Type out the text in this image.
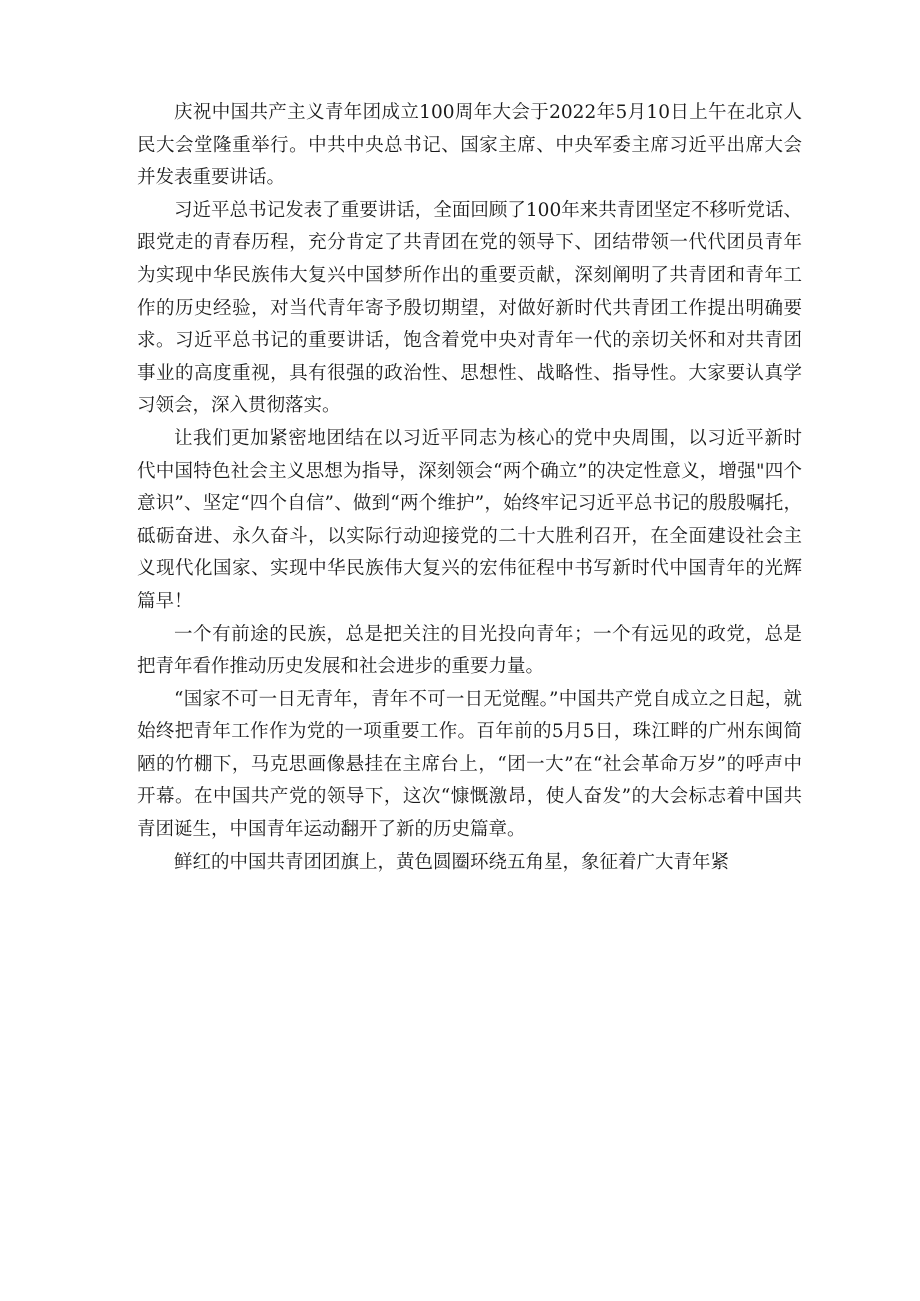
庆祝中国共产主义青年团成立100周年大会于2022年5月10日上午在北京人民大会堂隆重举行。中共中央总书记、国家主席、中央军委主席习近平出席大会并发表重要讲话。

习近平总书记发表了重要讲话，全面回顾了100年来共青团坚定不移听党话、跟党走的青春历程，充分肯定了共青团在党的领导下、团结带领一代代团员青年为实现中华民族伟大复兴中国梦所作出的重要贡献，深刻阐明了共青团和青年工作的历史经验，对当代青年寄予殷切期望，对做好新时代共青团工作提出明确要求。习近平总书记的重要讲话，饱含着党中央对青年一代的亲切关怀和对共青团事业的高度重视，具有很强的政治性、思想性、战略性、指导性。大家要认真学习领会，深入贯彻落实。

让我们更加紧密地团结在以习近平同志为核心的党中央周围，以习近平新时代中国特色社会主义思想为指导，深刻领会“两个确立”的决定性意义，增强"四个意识”、坚定“四个自信”、做到“两个维护”，始终牢记习近平总书记的殷殷嘱托，砥砺奋进、永久奋斗，以实际行动迎接党的二十大胜利召开，在全面建设社会主义现代化国家、实现中华民族伟大复兴的宏伟征程中书写新时代中国青年的光辉篇早！

一个有前途的民族，总是把关注的目光投向青年；一个有远见的政党，总是把青年看作推动历史发展和社会进步的重要力量。

“国家不可一日无青年，青年不可一日无觉醒。”中国共产党自成立之日起，就始终把青年工作作为党的一项重要工作。百年前的5月5日，珠江畔的广州东闽简陋的竹棚下，马克思画像悬挂在主席台上，“团一大”在“社会革命万岁”的呼声中开幕。在中国共产党的领导下，这次“慷慨激昂，使人奋发”的大会标志着中国共青团诞生，中国青年运动翻开了新的历史篇章。

鲜红的中国共青团团旗上，黄色圆圈环绕五角星，象征着广大青年紧
